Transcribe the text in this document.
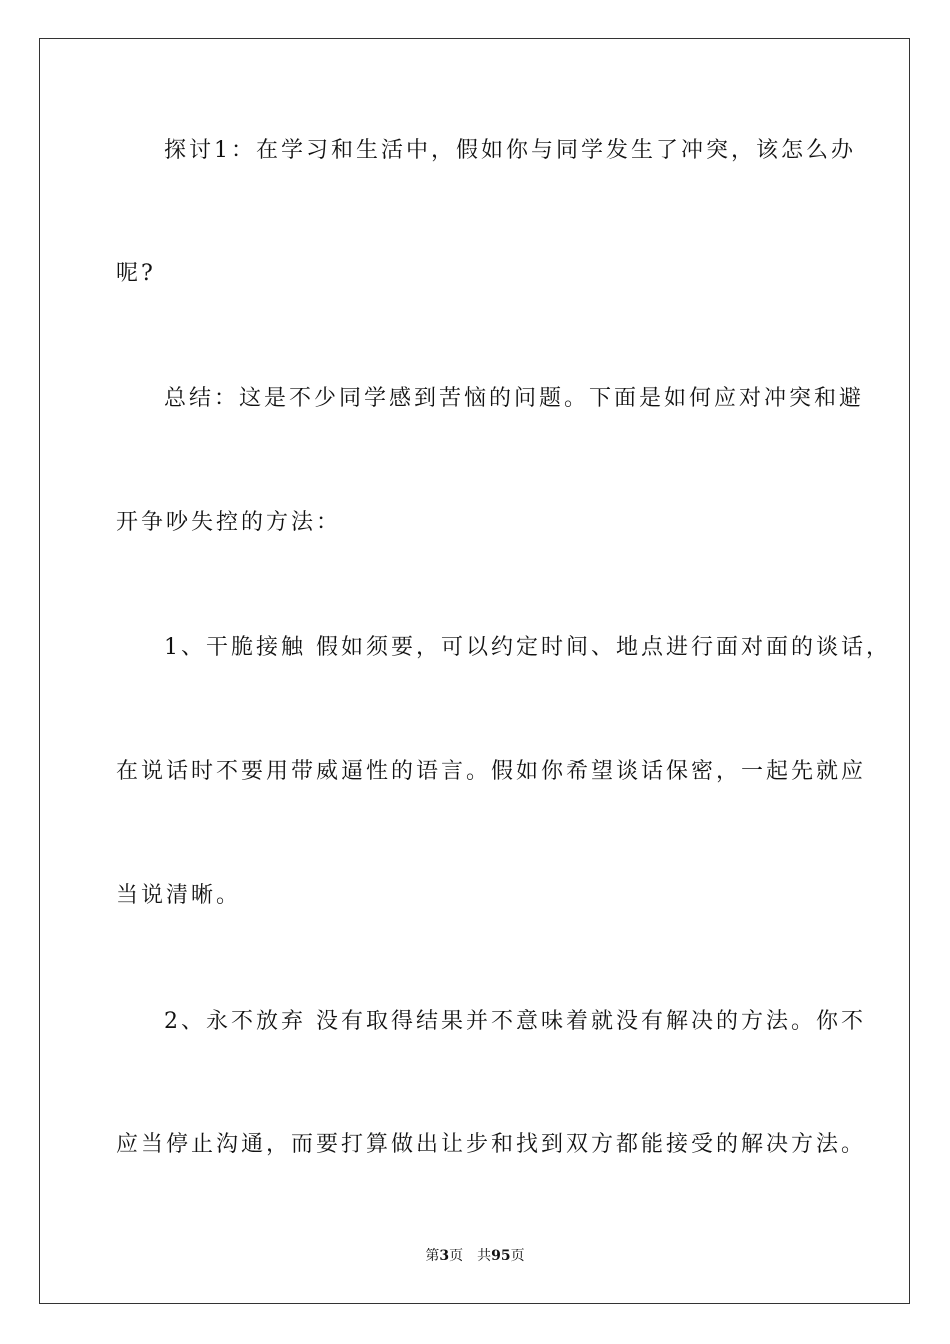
探讨1：在学习和生活中，假如你与同学发生了冲突，该怎么办
呢?
总结：这是不少同学感到苦恼的问题。下面是如何应对冲突和避
开争吵失控的方法：
1、干脆接触 假如须要，可以约定时间、地点进行面对面的谈话，
在说话时不要用带威逼性的语言。假如你希望谈话保密，一起先就应
当说清晰。
2、永不放弃 没有取得结果并不意味着就没有解决的方法。你不
应当停止沟通，而要打算做出让步和找到双方都能接受的解决方法。
第3页 共95页
